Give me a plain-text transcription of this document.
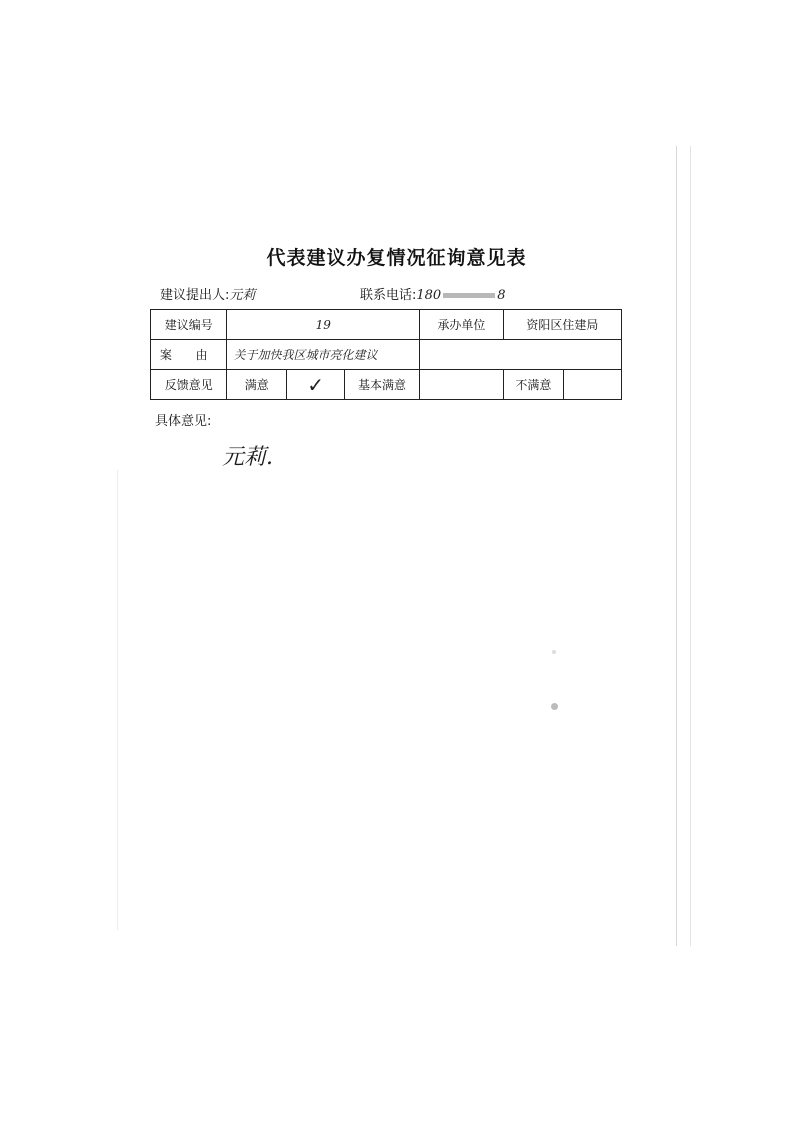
代表建议办复情况征询意见表
建议提出人:元莉	联系电话:180	8
建议编号	19			承办单位	资阳区住建局	
案 由	关于加快我区城市亮化建议					
反馈意见	满意	✓	基本满意		不满意	
具体意见:
元莉.
